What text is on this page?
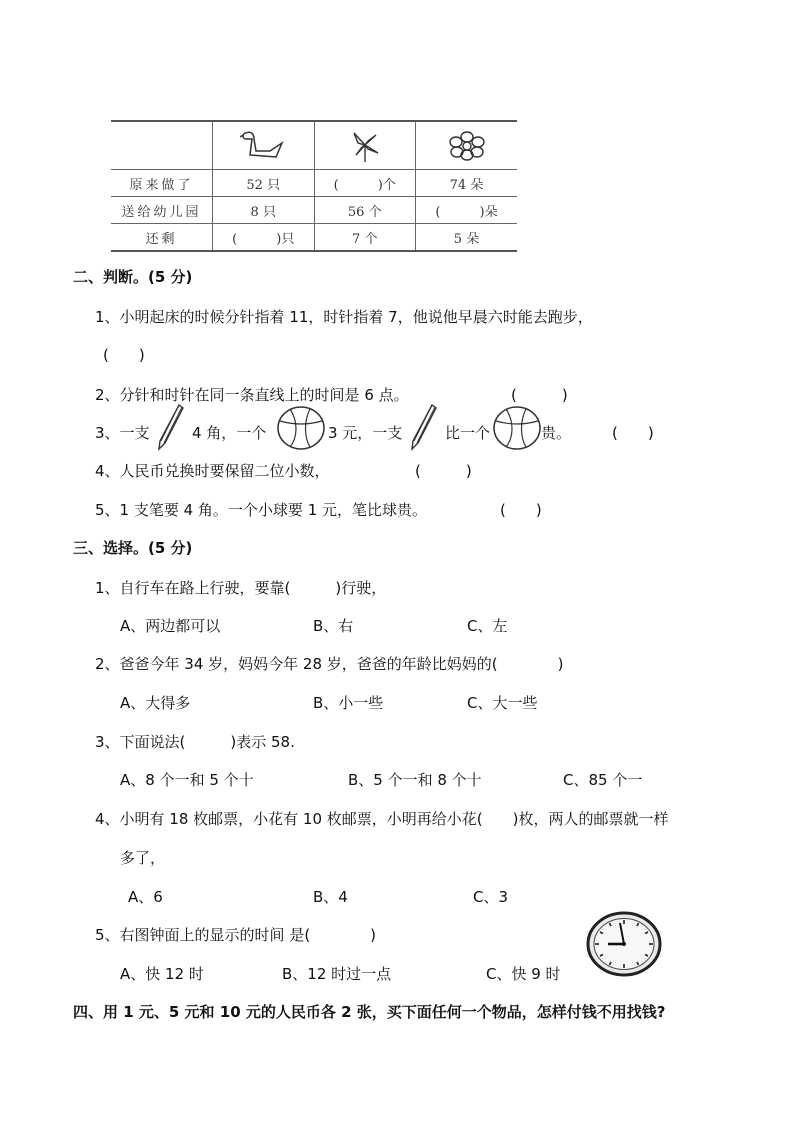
原来做了	52 只	(　　　)个	74 朵
送给幼儿园	8 只	56 个	(　　　)朵
还剩	(　　　)只	7 个	5 朵
二、判断。(5 分)
1、小明起床的时候分针指着 11，时针指着 7，他说他早晨六时能去跑步，
(　　)
2、分针和时针在同一条直线上的时间是 6 点。	(　　　)
3、一支	4 角，一个	3 元，一支	比一个	贵。	(　　)
4、人民币兑换时要保留二位小数，	(　　　)
5、1 支笔要 4 角。一个小球要 1 元，笔比球贵。	(　　)
三、选择。(5 分)
1、自行车在路上行驶，要靠(　　　)行驶，
A、两边都可以	B、右	C、左
2、爸爸今年 34 岁，妈妈今年 28 岁，爸爸的年龄比妈妈的(　　　　)
A、大得多	B、小一些	C、大一些
3、下面说法(　　　)表示 58.
A、8 个一和 5 个十	B、5 个一和 8 个十	C、85 个一
4、小明有 18 枚邮票，小花有 10 枚邮票，小明再给小花(　　)枚，两人的邮票就一样
多了，
A、6	B、4	C、3
5、右图钟面上的显示的时间 是(　　　　)
A、快 12 时	B、12 时过一点	C、快 9 时
四、用 1 元、5 元和 10 元的人民币各 2 张，买下面任何一个物品，怎样付钱不用找钱?
